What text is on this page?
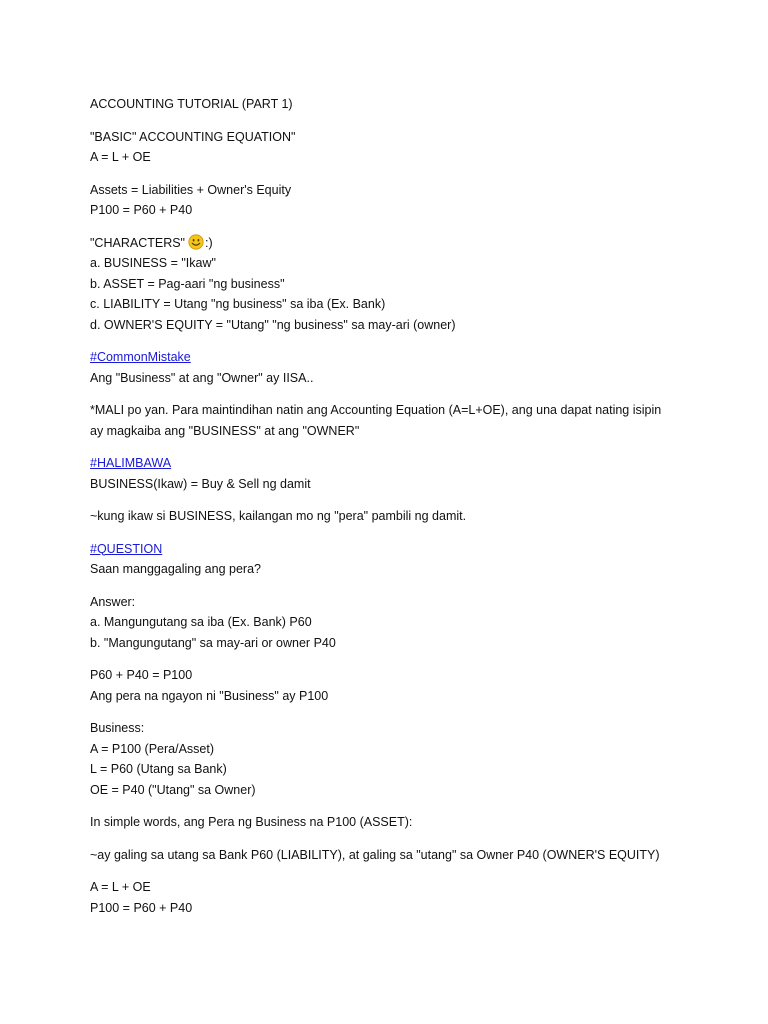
ACCOUNTING TUTORIAL (PART 1)
"BASIC" ACCOUNTING EQUATION"
A = L + OE
Assets = Liabilities + Owner's Equity
P100 = P60 + P40
"CHARACTERS" :)
a. BUSINESS = "Ikaw"
b. ASSET = Pag-aari "ng business"
c. LIABILITY = Utang "ng business" sa iba (Ex. Bank)
d. OWNER'S EQUITY = "Utang" "ng business" sa may-ari (owner)
#CommonMistake
Ang "Business" at ang "Owner" ay IISA..
*MALI po yan. Para maintindihan natin ang Accounting Equation (A=L+OE), ang una dapat nating isipin
ay magkaiba ang "BUSINESS" at ang "OWNER"
#HALIMBAWA
BUSINESS(Ikaw) = Buy & Sell ng damit
~kung ikaw si BUSINESS, kailangan mo ng "pera" pambili ng damit.
#QUESTION
Saan manggagaling ang pera?
Answer:
a. Mangungutang sa iba (Ex. Bank) P60
b. "Mangungutang" sa may-ari or owner P40
P60 + P40 = P100
Ang pera na ngayon ni "Business" ay P100
Business:
A = P100 (Pera/Asset)
L = P60 (Utang sa Bank)
OE = P40 ("Utang" sa Owner)
In simple words, ang Pera ng Business na P100 (ASSET):
~ay galing sa utang sa Bank P60 (LIABILITY), at galing sa "utang" sa Owner P40 (OWNER'S EQUITY)
A = L + OE
P100 = P60 + P40
